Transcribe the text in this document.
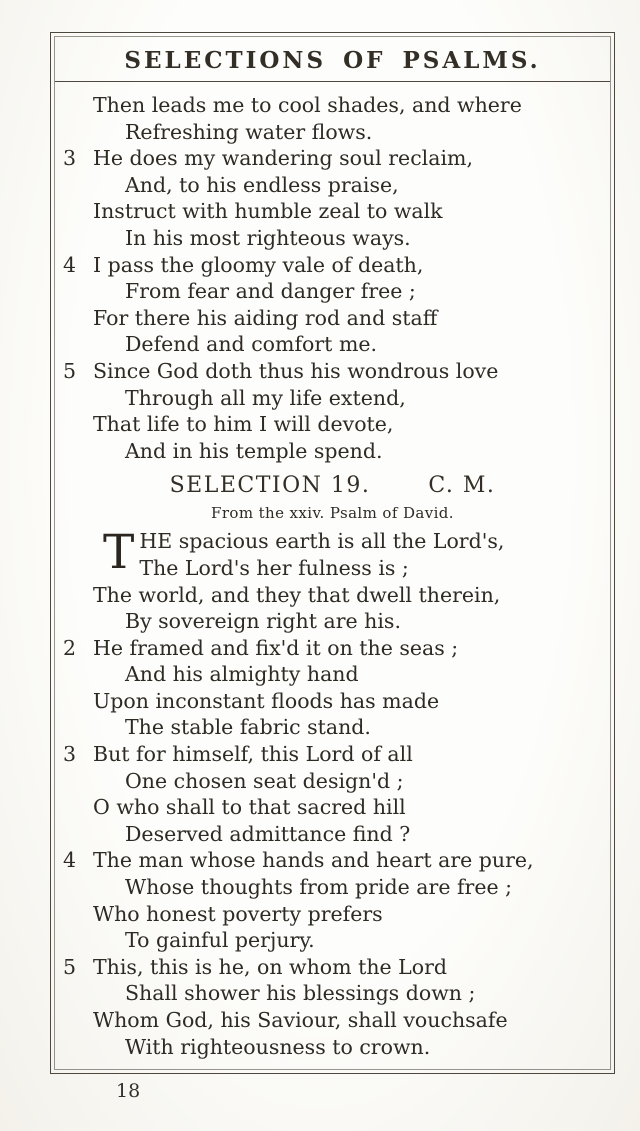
SELECTIONS OF PSALMS.
Then leads me to cool shades, and where
Refreshing water flows.
3 He does my wandering soul reclaim,
And, to his endless praise,
Instruct with humble zeal to walk
In his most righteous ways.
4 I pass the gloomy vale of death,
From fear and danger free ;
For there his aiding rod and staff
Defend and comfort me.
5 Since God doth thus his wondrous love
Through all my life extend,
That life to him I will devote,
And in his temple spend.
SELECTION 19.	C. M.
From the xxiv. Psalm of David.
T HE spacious earth is all the Lord's,
The Lord's her fulness is ;
The world, and they that dwell therein,
By sovereign right are his.
2 He framed and fix'd it on the seas ;
And his almighty hand
Upon inconstant floods has made
The stable fabric stand.
3 But for himself, this Lord of all
One chosen seat design'd ;
O who shall to that sacred hill
Deserved admittance find ?
4 The man whose hands and heart are pure,
Whose thoughts from pride are free ;
Who honest poverty prefers
To gainful perjury.
5 This, this is he, on whom the Lord
Shall shower his blessings down ;
Whom God, his Saviour, shall vouchsafe
With righteousness to crown.
18
